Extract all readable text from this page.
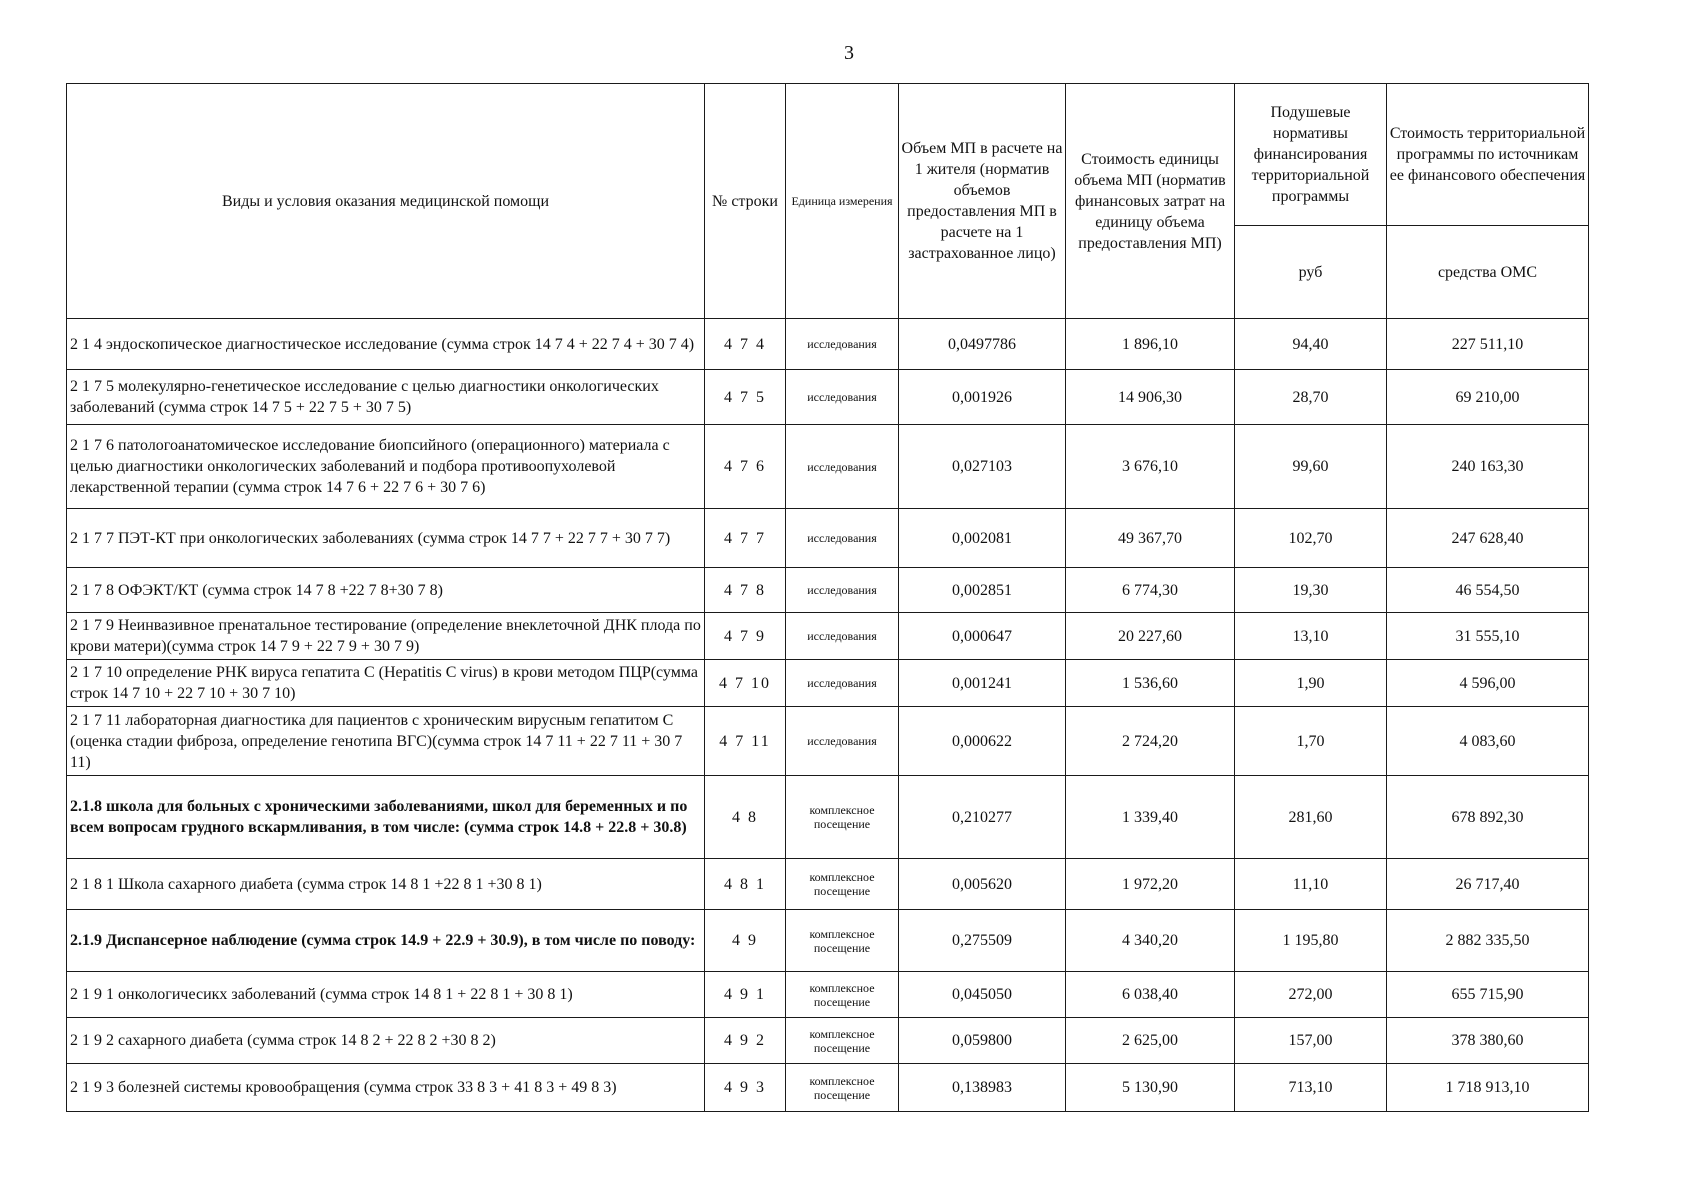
3
Виды и условия оказания медицинской помощи	№ строки	Единица измерения	Объем МП в расчете на 1 жителя (норматив объемов предоставления МП в расчете на 1 застрахованное лицо)	Стоимость единицы объема МП (норматив финансовых затрат на единицу объема предоставления МП)	Подушевые нормативы финансирования территориальной программы	Стоимость территориальной программы по источникам ее финансового обеспечения
					руб	средства ОМС
2 1 4 эндоскопическое диагностическое исследование (сумма строк 14 7 4 + 22 7 4 + 30 7 4)	4 7 4	исследования	0,0497786	1 896,10	94,40	227 511,10
2 1 7 5 молекулярно-генетическое исследование с целью диагностики онкологических заболеваний (сумма строк 14 7 5 + 22 7 5 + 30 7 5)	4 7 5	исследования	0,001926	14 906,30	28,70	69 210,00
2 1 7 6 патологоанатомическое исследование биопсийного (операционного) материала с целью диагностики онкологических заболеваний и подбора противоопухолевой лекарственной терапии (сумма строк 14 7 6 + 22 7 6 + 30 7 6)	4 7 6	исследования	0,027103	3 676,10	99,60	240 163,30
2 1 7 7 ПЭТ-КТ при онкологических заболеваниях (сумма строк 14 7 7 + 22 7 7 + 30 7 7)	4 7 7	исследования	0,002081	49 367,70	102,70	247 628,40
2 1 7 8 ОФЭКТ/КТ (сумма строк 14 7 8 +22 7 8+30 7 8)	4 7 8	исследования	0,002851	6 774,30	19,30	46 554,50
2 1 7 9 Неинвазивное пренатальное тестирование (определение внеклеточной ДНК плода по крови матери)(сумма строк 14 7 9 + 22 7 9 + 30 7 9)	4 7 9	исследования	0,000647	20 227,60	13,10	31 555,10
2 1 7 10 определение РНК вируса гепатита С (Hepatitis C virus) в крови методом ПЦР(сумма строк 14 7 10 + 22 7 10 + 30 7 10)	4 7 10	исследования	0,001241	1 536,60	1,90	4 596,00
2 1 7 11 лабораторная диагностика для пациентов с хроническим вирусным гепатитом С (оценка стадии фиброза, определение генотипа ВГС)(сумма строк 14 7 11 + 22 7 11 + 30 7 11)	4 7 11	исследования	0,000622	2 724,20	1,70	4 083,60
2.1.8 школа для больных с хроническими заболеваниями, школ для беременных и по всем вопросам грудного вскармливания, в том числе: (сумма строк 14.8 + 22.8 + 30.8)	4 8	комплексное посещение	0,210277	1 339,40	281,60	678 892,30
2 1 8 1 Школа сахарного диабета (сумма строк 14 8 1 +22 8 1 +30 8 1)	4 8 1	комплексное посещение	0,005620	1 972,20	11,10	26 717,40
2.1.9 Диспансерное наблюдение (сумма строк 14.9 + 22.9 + 30.9), в том числе по поводу:	4 9	комплексное посещение	0,275509	4 340,20	1 195,80	2 882 335,50
2 1 9 1 онкологичесикх заболеваний (сумма строк 14 8 1 + 22 8 1 + 30 8 1)	4 9 1	комплексное посещение	0,045050	6 038,40	272,00	655 715,90
2 1 9 2 сахарного диабета (сумма строк 14 8 2 + 22 8 2 +30 8 2)	4 9 2	комплексное посещение	0,059800	2 625,00	157,00	378 380,60
2 1 9 3 болезней системы кровообращения (сумма строк 33 8 3 + 41 8 3 + 49 8 3)	4 9 3	комплексное посещение	0,138983	5 130,90	713,10	1 718 913,10
